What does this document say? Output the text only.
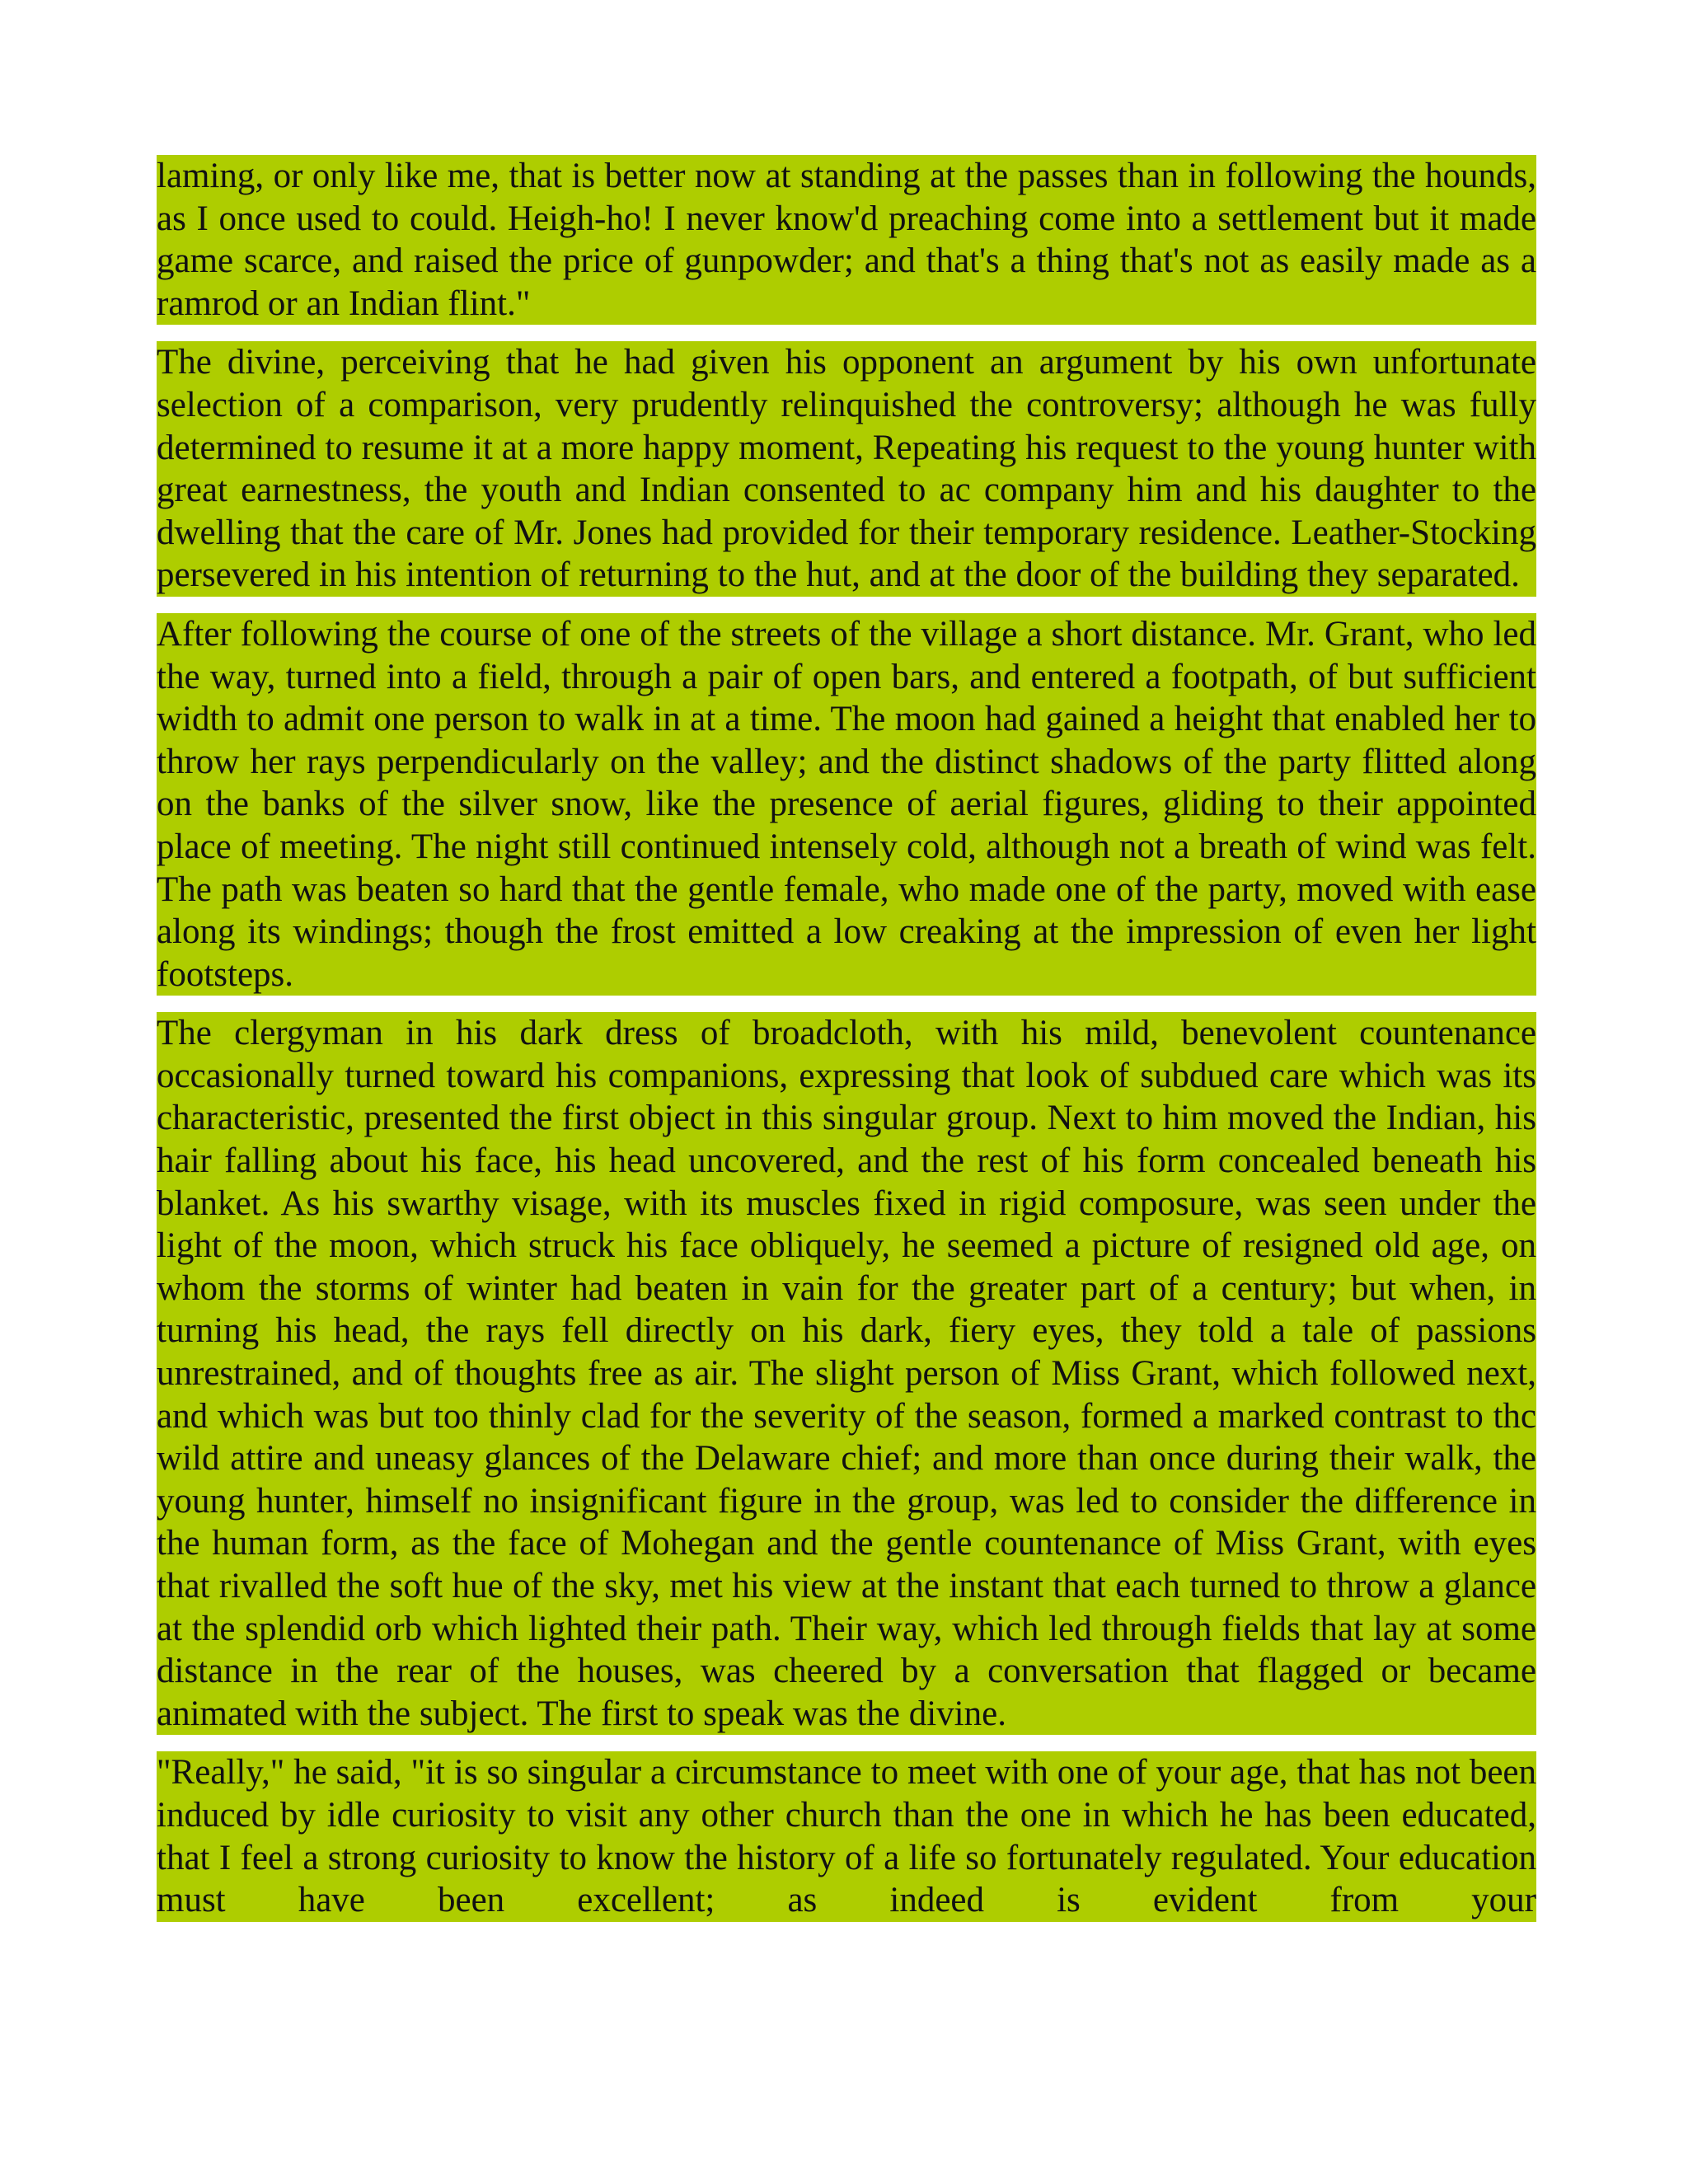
laming, or only like me, that is better now at standing at the passes than in following the hounds, as I once used to could. Heigh-ho! I never know'd preaching come into a settlement but it made game scarce, and raised the price of gunpowder; and that's a thing that's not as easily made as a ramrod or an Indian flint."

The divine, perceiving that he had given his opponent an argument by his own unfortunate selection of a comparison, very prudently relinquished the controversy; although he was fully determined to resume it at a more happy moment, Repeating his request to the young hunter with great earnestness, the youth and Indian consented to ac company him and his daughter to the dwelling that the care of Mr. Jones had provided for their temporary residence. Leather-Stocking persevered in his intention of returning to the hut, and at the door of the building they separated.

After following the course of one of the streets of the village a short distance. Mr. Grant, who led the way, turned into a field, through a pair of open bars, and entered a footpath, of but sufficient width to admit one person to walk in at a time. The moon had gained a height that enabled her to throw her rays perpendicularly on the valley; and the distinct shadows of the party flitted along on the banks of the silver snow, like the presence of aerial figures, gliding to their appointed place of meeting. The night still continued intensely cold, although not a breath of wind was felt. The path was beaten so hard that the gentle female, who made one of the party, moved with ease along its windings; though the frost emitted a low creaking at the impression of even her light footsteps.

The clergyman in his dark dress of broadcloth, with his mild, benevolent countenance occasionally turned toward his companions, expressing that look of subdued care which was its characteristic, presented the first object in this singular group. Next to him moved the Indian, his hair falling about his face, his head uncovered, and the rest of his form concealed beneath his blanket. As his swarthy visage, with its muscles fixed in rigid composure, was seen under the light of the moon, which struck his face obliquely, he seemed a picture of resigned old age, on whom the storms of winter had beaten in vain for the greater part of a century; but when, in turning his head, the rays fell directly on his dark, fiery eyes, they told a tale of passions unrestrained, and of thoughts free as air. The slight person of Miss Grant, which followed next, and which was but too thinly clad for the severity of the season, formed a marked contrast to thc wild attire and uneasy glances of the Delaware chief; and more than once during their walk, the young hunter, himself no insignificant figure in the group, was led to consider the difference in the human form, as the face of Mohegan and the gentle countenance of Miss Grant, with eyes that rivalled the soft hue of the sky, met his view at the instant that each turned to throw a glance at the splendid orb which lighted their path. Their way, which led through fields that lay at some distance in the rear of the houses, was cheered by a conversation that flagged or became animated with the subject. The first to speak was the divine.

"Really," he said, "it is so singular a circumstance to meet with one of your age, that has not been induced by idle curiosity to visit any other church than the one in which he has been educated, that I feel a strong curiosity to know the history of a life so fortunately regulated. Your education must have been excellent; as indeed is evident from your
